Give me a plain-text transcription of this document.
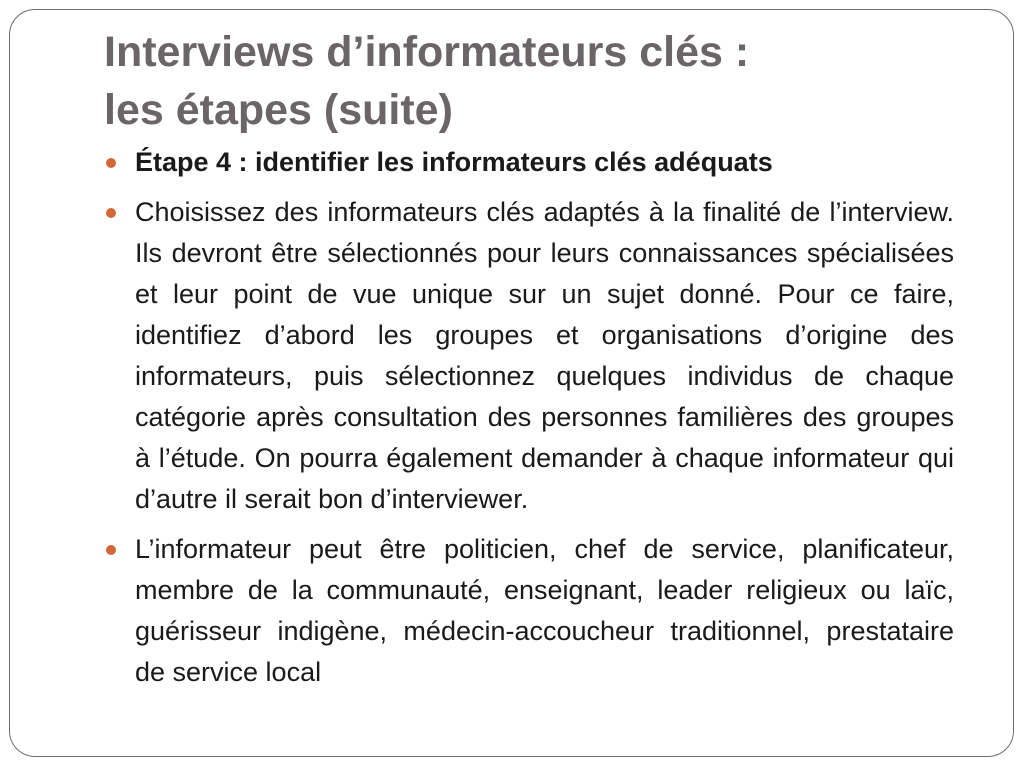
Interviews d’informateurs clés :
les étapes (suite)
Étape 4 : identifier les informateurs clés adéquats
Choisissez des informateurs clés adaptés à la finalité de l’interview. Ils devront être sélectionnés pour leurs connaissances spécialisées et leur point de vue unique sur un sujet donné. Pour ce faire, identifiez d’abord les groupes et organisations d’origine des informateurs, puis sélectionnez quelques individus de chaque catégorie après consultation des personnes familières des groupes à l’étude. On pourra également demander à chaque informateur qui d’autre il serait bon d’interviewer.
L’informateur peut être politicien, chef de service, planificateur, membre de la communauté, enseignant, leader religieux ou laïc, guérisseur indigène, médecin-accoucheur traditionnel, prestataire de service local
